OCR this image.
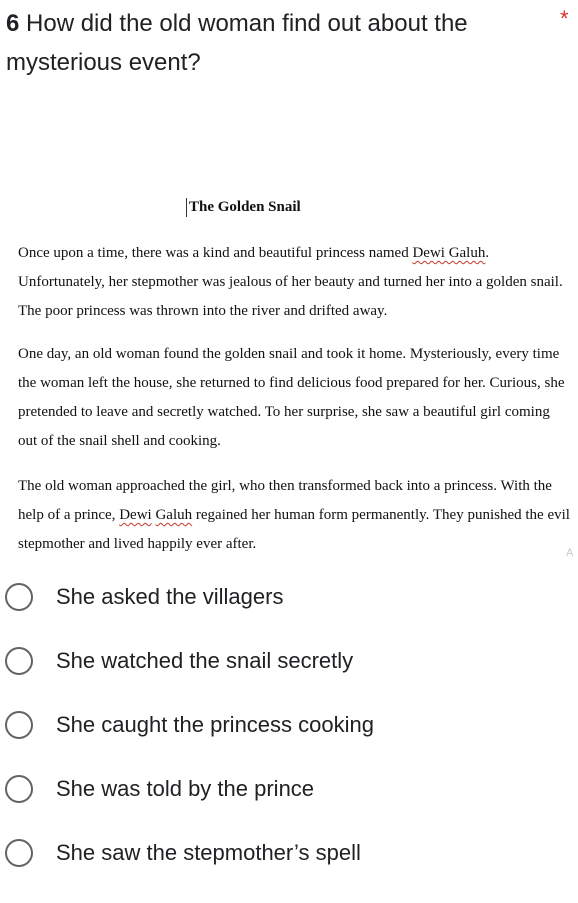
6 How did the old woman find out about the mysterious event?
*
The Golden Snail

Once upon a time, there was a kind and beautiful princess named Dewi Galuh. Unfortunately, her stepmother was jealous of her beauty and turned her into a golden snail. The poor princess was thrown into the river and drifted away.

One day, an old woman found the golden snail and took it home. Mysteriously, every time the woman left the house, she returned to find delicious food prepared for her. Curious, she pretended to leave and secretly watched. To her surprise, she saw a beautiful girl coming out of the snail shell and cooking.

The old woman approached the girl, who then transformed back into a princess. With the help of a prince, Dewi Galuh regained her human form permanently. They punished the evil stepmother and lived happily ever after.

A
She asked the villagers
She watched the snail secretly
She caught the princess cooking
She was told by the prince
She saw the stepmother’s spell
